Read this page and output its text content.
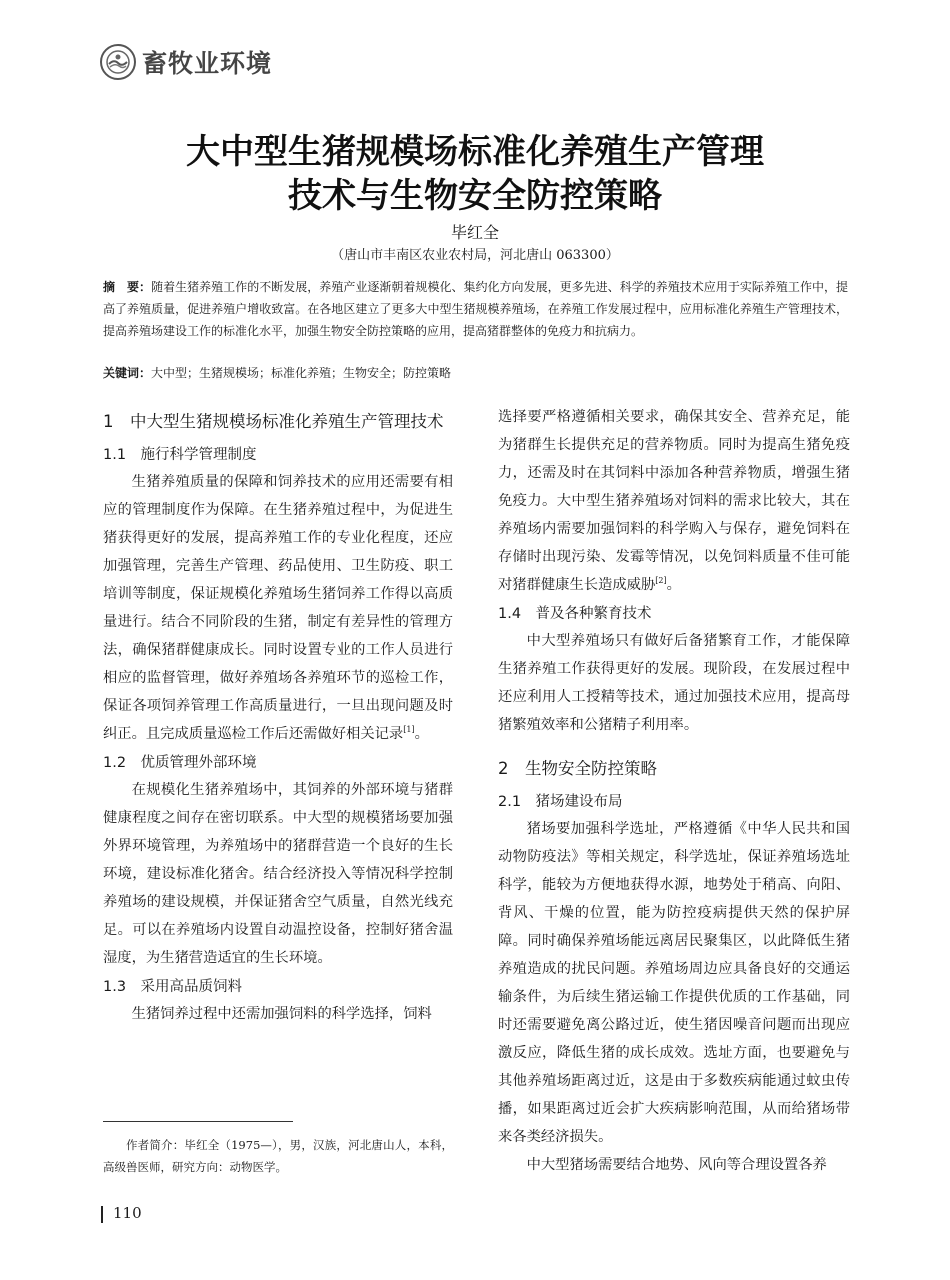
畜牧业环境
大中型生猪规模场标准化养殖生产管理
技术与生物安全防控策略
毕红全
（唐山市丰南区农业农村局，河北唐山 063300）
摘　要：随着生猪养殖工作的不断发展，养殖产业逐渐朝着规模化、集约化方向发展，更多先进、科学的养殖技术应用于实际养殖工作中，提高了养殖质量，促进养殖户增收致富。在各地区建立了更多大中型生猪规模养殖场，在养殖工作发展过程中，应用标准化养殖生产管理技术，提高养殖场建设工作的标准化水平，加强生物安全防控策略的应用，提高猪群整体的免疫力和抗病力。
关键词：大中型；生猪规模场；标准化养殖；生物安全；防控策略
1　中大型生猪规模场标准化养殖生产管理技术
1.1　施行科学管理制度

生猪养殖质量的保障和饲养技术的应用还需要有相应的管理制度作为保障。在生猪养殖过程中，为促进生猪获得更好的发展，提高养殖工作的专业化程度，还应加强管理，完善生产管理、药品使用、卫生防疫、职工培训等制度，保证规模化养殖场生猪饲养工作得以高质量进行。结合不同阶段的生猪，制定有差异性的管理方法，确保猪群健康成长。同时设置专业的工作人员进行相应的监督管理，做好养殖场各养殖环节的巡检工作，保证各项饲养管理工作高质量进行，一旦出现问题及时纠正。且完成质量巡检工作后还需做好相关记录[1]。

1.2　优质管理外部环境

在规模化生猪养殖场中，其饲养的外部环境与猪群健康程度之间存在密切联系。中大型的规模猪场要加强外界环境管理，为养殖场中的猪群营造一个良好的生长环境，建设标准化猪舍。结合经济投入等情况科学控制养殖场的建设规模，并保证猪舍空气质量，自然光线充足。可以在养殖场内设置自动温控设备，控制好猪舍温湿度，为生猪营造适宜的生长环境。

1.3　采用高品质饲料

生猪饲养过程中还需加强饲料的科学选择，饲料

选择要严格遵循相关要求，确保其安全、营养充足，能为猪群生长提供充足的营养物质。同时为提高生猪免疫力，还需及时在其饲料中添加各种营养物质，增强生猪免疫力。大中型生猪养殖场对饲料的需求比较大，其在养殖场内需要加强饲料的科学购入与保存，避免饲料在存储时出现污染、发霉等情况，以免饲料质量不佳可能对猪群健康生长造成威胁[2]。

1.4　普及各种繁育技术

中大型养殖场只有做好后备猪繁育工作，才能保障生猪养殖工作获得更好的发展。现阶段，在发展过程中还应利用人工授精等技术，通过加强技术应用，提高母猪繁殖效率和公猪精子利用率。

2　生物安全防控策略
2.1　猪场建设布局

猪场要加强科学选址，严格遵循《中华人民共和国动物防疫法》等相关规定，科学选址，保证养殖场选址科学，能较为方便地获得水源，地势处于稍高、向阳、背风、干燥的位置，能为防控疫病提供天然的保护屏障。同时确保养殖场能远离居民聚集区，以此降低生猪养殖造成的扰民问题。养殖场周边应具备良好的交通运输条件，为后续生猪运输工作提供优质的工作基础，同时还需要避免离公路过近，使生猪因噪音问题而出现应激反应，降低生猪的成长成效。选址方面，也要避免与其他养殖场距离过近，这是由于多数疾病能通过蚊虫传播，如果距离过近会扩大疾病影响范围，从而给猪场带来各类经济损失。

中大型猪场需要结合地势、风向等合理设置各养

作者简介：毕红全（1975—），男，汉族，河北唐山人，本科，高级兽医师，研究方向：动物医学。
110
